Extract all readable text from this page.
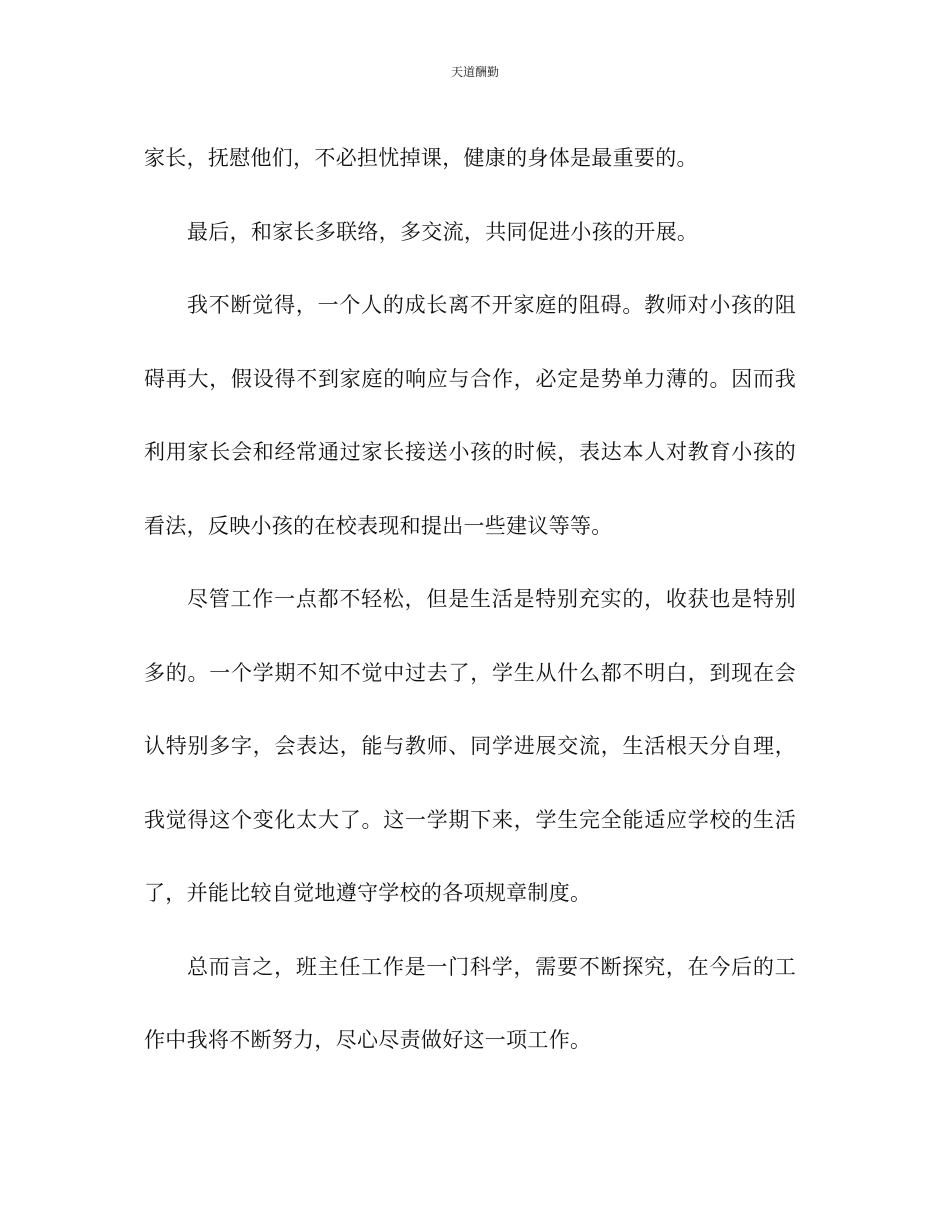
天道酬勤

家长，抚慰他们，不必担忧掉课，健康的身体是最重要的。

最后，和家长多联络，多交流，共同促进小孩的开展。

我不断觉得，一个人的成长离不开家庭的阻碍。教师对小孩的阻碍再大，假设得不到家庭的响应与合作，必定是势单力薄的。因而我利用家长会和经常通过家长接送小孩的时候，表达本人对教育小孩的看法，反映小孩的在校表现和提出一些建议等等。

尽管工作一点都不轻松，但是生活是特别充实的，收获也是特别多的。一个学期不知不觉中过去了，学生从什么都不明白，到现在会认特别多字，会表达，能与教师、同学进展交流，生活根天分自理，我觉得这个变化太大了。这一学期下来，学生完全能适应学校的生活了，并能比较自觉地遵守学校的各项规章制度。

总而言之，班主任工作是一门科学，需要不断探究，在今后的工作中我将不断努力，尽心尽责做好这一项工作。
